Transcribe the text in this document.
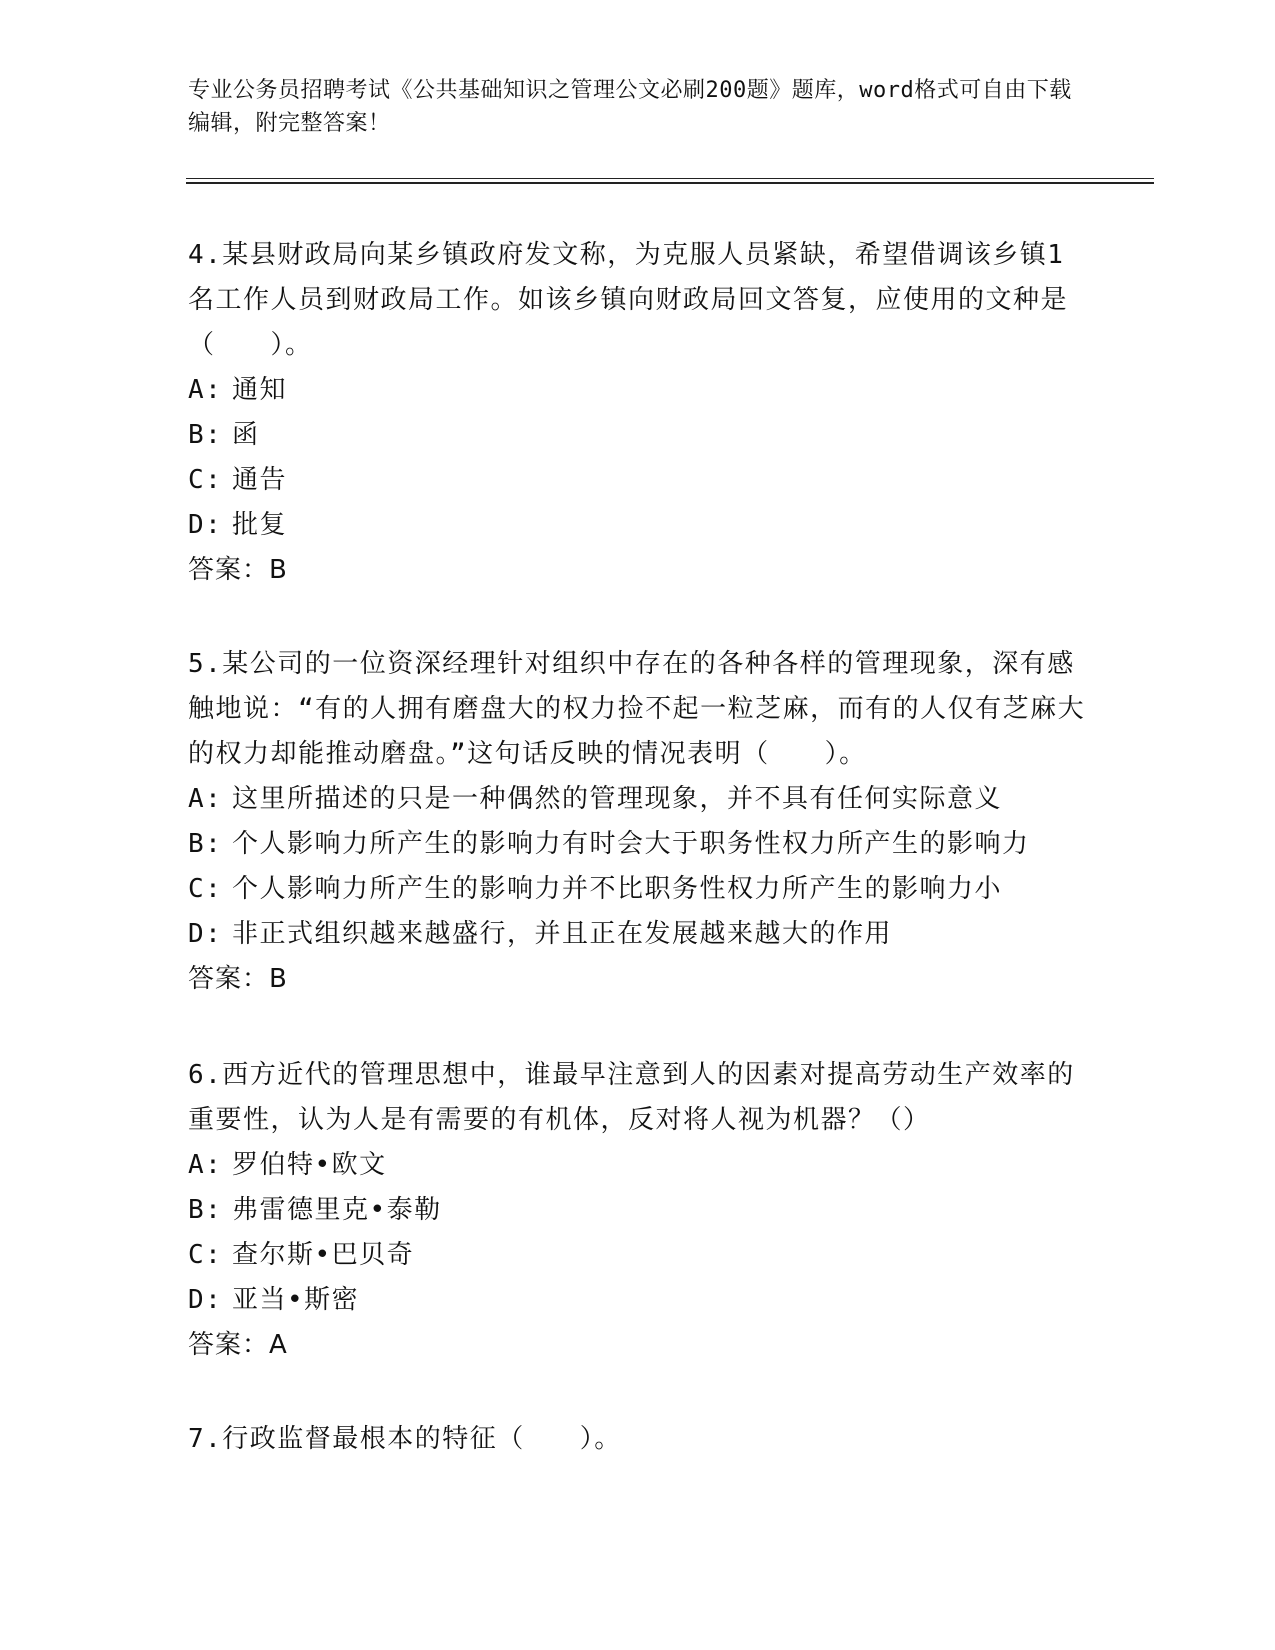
专业公务员招聘考试《公共基础知识之管理公文必刷200题》题库，word格式可自由下载编辑，附完整答案！

4.某县财政局向某乡镇政府发文称，为克服人员紧缺，希望借调该乡镇1名工作人员到财政局工作。如该乡镇向财政局回文答复，应使用的文种是（　　）。

A: 通知

B: 函

C: 通告

D: 批复

答案：B

5.某公司的一位资深经理针对组织中存在的各种各样的管理现象，深有感触地说：“有的人拥有磨盘大的权力捡不起一粒芝麻，而有的人仅有芝麻大的权力却能推动磨盘。”这句话反映的情况表明（　　）。

A: 这里所描述的只是一种偶然的管理现象，并不具有任何实际意义

B: 个人影响力所产生的影响力有时会大于职务性权力所产生的影响力

C: 个人影响力所产生的影响力并不比职务性权力所产生的影响力小

D: 非正式组织越来越盛行，并且正在发展越来越大的作用

答案：B

6.西方近代的管理思想中，谁最早注意到人的因素对提高劳动生产效率的重要性，认为人是有需要的有机体，反对将人视为机器？（）

A: 罗伯特•欧文

B: 弗雷德里克•泰勒

C: 查尔斯•巴贝奇

D: 亚当•斯密

答案：A

7.行政监督最根本的特征（　　）。
